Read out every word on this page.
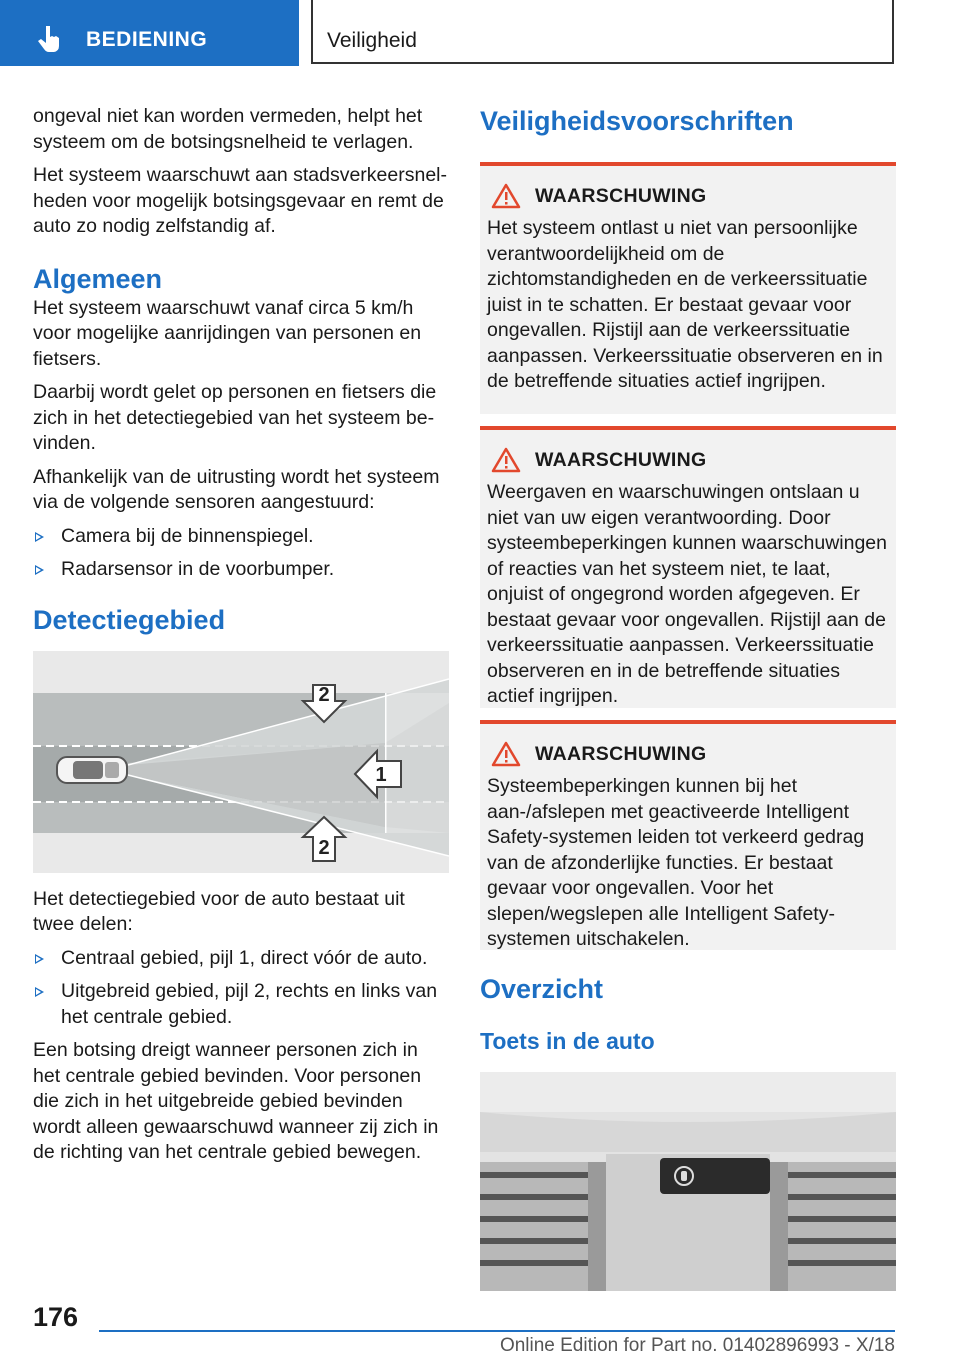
BEDIENING	Veiligheid

ongeval niet kan worden vermeden, helpt het systeem om de botsingsnelheid te verlagen.

Het systeem waarschuwt aan stadsverkeersnelheden voor mogelijk botsingsgevaar en remt de auto zo nodig zelfstandig af.

Algemeen

Het systeem waarschuwt vanaf circa 5 km/h voor mogelijke aanrijdingen van personen en fietsers.

Daarbij wordt gelet op personen en fietsers die zich in het detectiegebied van het systeem bevinden.

Afhankelijk van de uitrusting wordt het systeem via de volgende sensoren aangestuurd:

Camera bij de binnenspiegel.
Radarsensor in de voorbumper.
Detectiegebied
2
1
2

Het detectiegebied voor de auto bestaat uit twee delen:

Centraal gebied, pijl 1, direct vóór de auto.
Uitgebreid gebied, pijl 2, rechts en links van het centrale gebied.

Een botsing dreigt wanneer personen zich in het centrale gebied bevinden. Voor personen die zich in het uitgebreide gebied bevinden wordt alleen gewaarschuwd wanneer zij zich in de richting van het centrale gebied bewegen.

Veiligheidsvoorschriften
WAARSCHUWING

Het systeem ontlast u niet van persoonlijke verantwoordelijkheid om de zichtomstandigheden en de verkeerssituatie juist in te schatten. Er bestaat gevaar voor ongevallen. Rijstijl aan de verkeerssituatie aanpassen. Verkeerssituatie observeren en in de betreffende situaties actief ingrijpen.

WAARSCHUWING

Weergaven en waarschuwingen ontslaan u niet van uw eigen verantwoording. Door systeembeperkingen kunnen waarschuwingen of reacties van het systeem niet, te laat, onjuist of ongegrond worden afgegeven. Er bestaat gevaar voor ongevallen. Rijstijl aan de verkeerssituatie aanpassen. Verkeerssituatie observeren en in de betreffende situaties actief ingrijpen.

WAARSCHUWING

Systeembeperkingen kunnen bij het aan-/afslepen met geactiveerde Intelligent Safety-systemen leiden tot verkeerd gedrag van de afzonderlijke functies. Er bestaat gevaar voor ongevallen. Voor het slepen/wegslepen alle Intelligent Safety-systemen uitschakelen.

Overzicht
Toets in de auto
176
Online Edition for Part no. 01402896993 - X/18
